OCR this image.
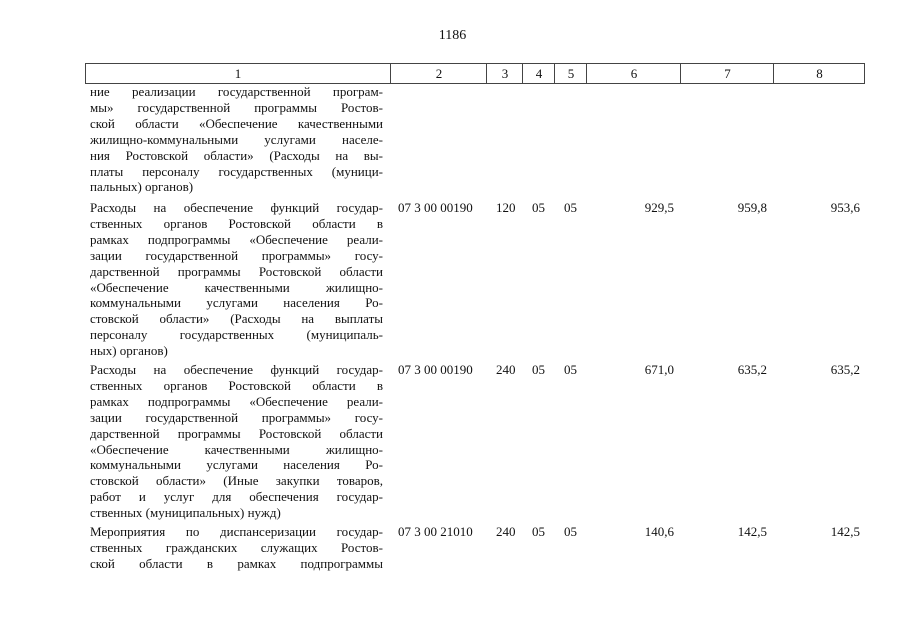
1186
1	2	3	4	5	6	7	8
ние реализации государственной програм-
мы» государственной программы Ростов-
ской области «Обеспечение качественными
жилищно-коммунальными услугами населе-
ния Ростовской области» (Расходы на вы-
платы персоналу государственных (муници-
пальных) органов)
Расходы на обеспечение функций государ-
ственных органов Ростовской области в
рамках подпрограммы «Обеспечение реали-
зации государственной программы» госу-
дарственной программы Ростовской области
«Обеспечение качественными жилищно-
коммунальными услугами населения Ро-
стовской области» (Расходы на выплаты
персоналу государственных (муниципаль-
ных) органов)
07 3 00 00190 120 05 05	929,5	959,8	953,6
Расходы на обеспечение функций государ-
ственных органов Ростовской области в
рамках подпрограммы «Обеспечение реали-
зации государственной программы» госу-
дарственной программы Ростовской области
«Обеспечение качественными жилищно-
коммунальными услугами населения Ро-
стовской области» (Иные закупки товаров,
работ и услуг для обеспечения государ-
ственных (муниципальных) нужд)
07 3 00 00190 240 05 05	671,0	635,2	635,2
Мероприятия по диспансеризации государ-
ственных гражданских служащих Ростов-
ской области в рамках подпрограммы
07 3 00 21010 240 05 05	140,6	142,5	142,5
